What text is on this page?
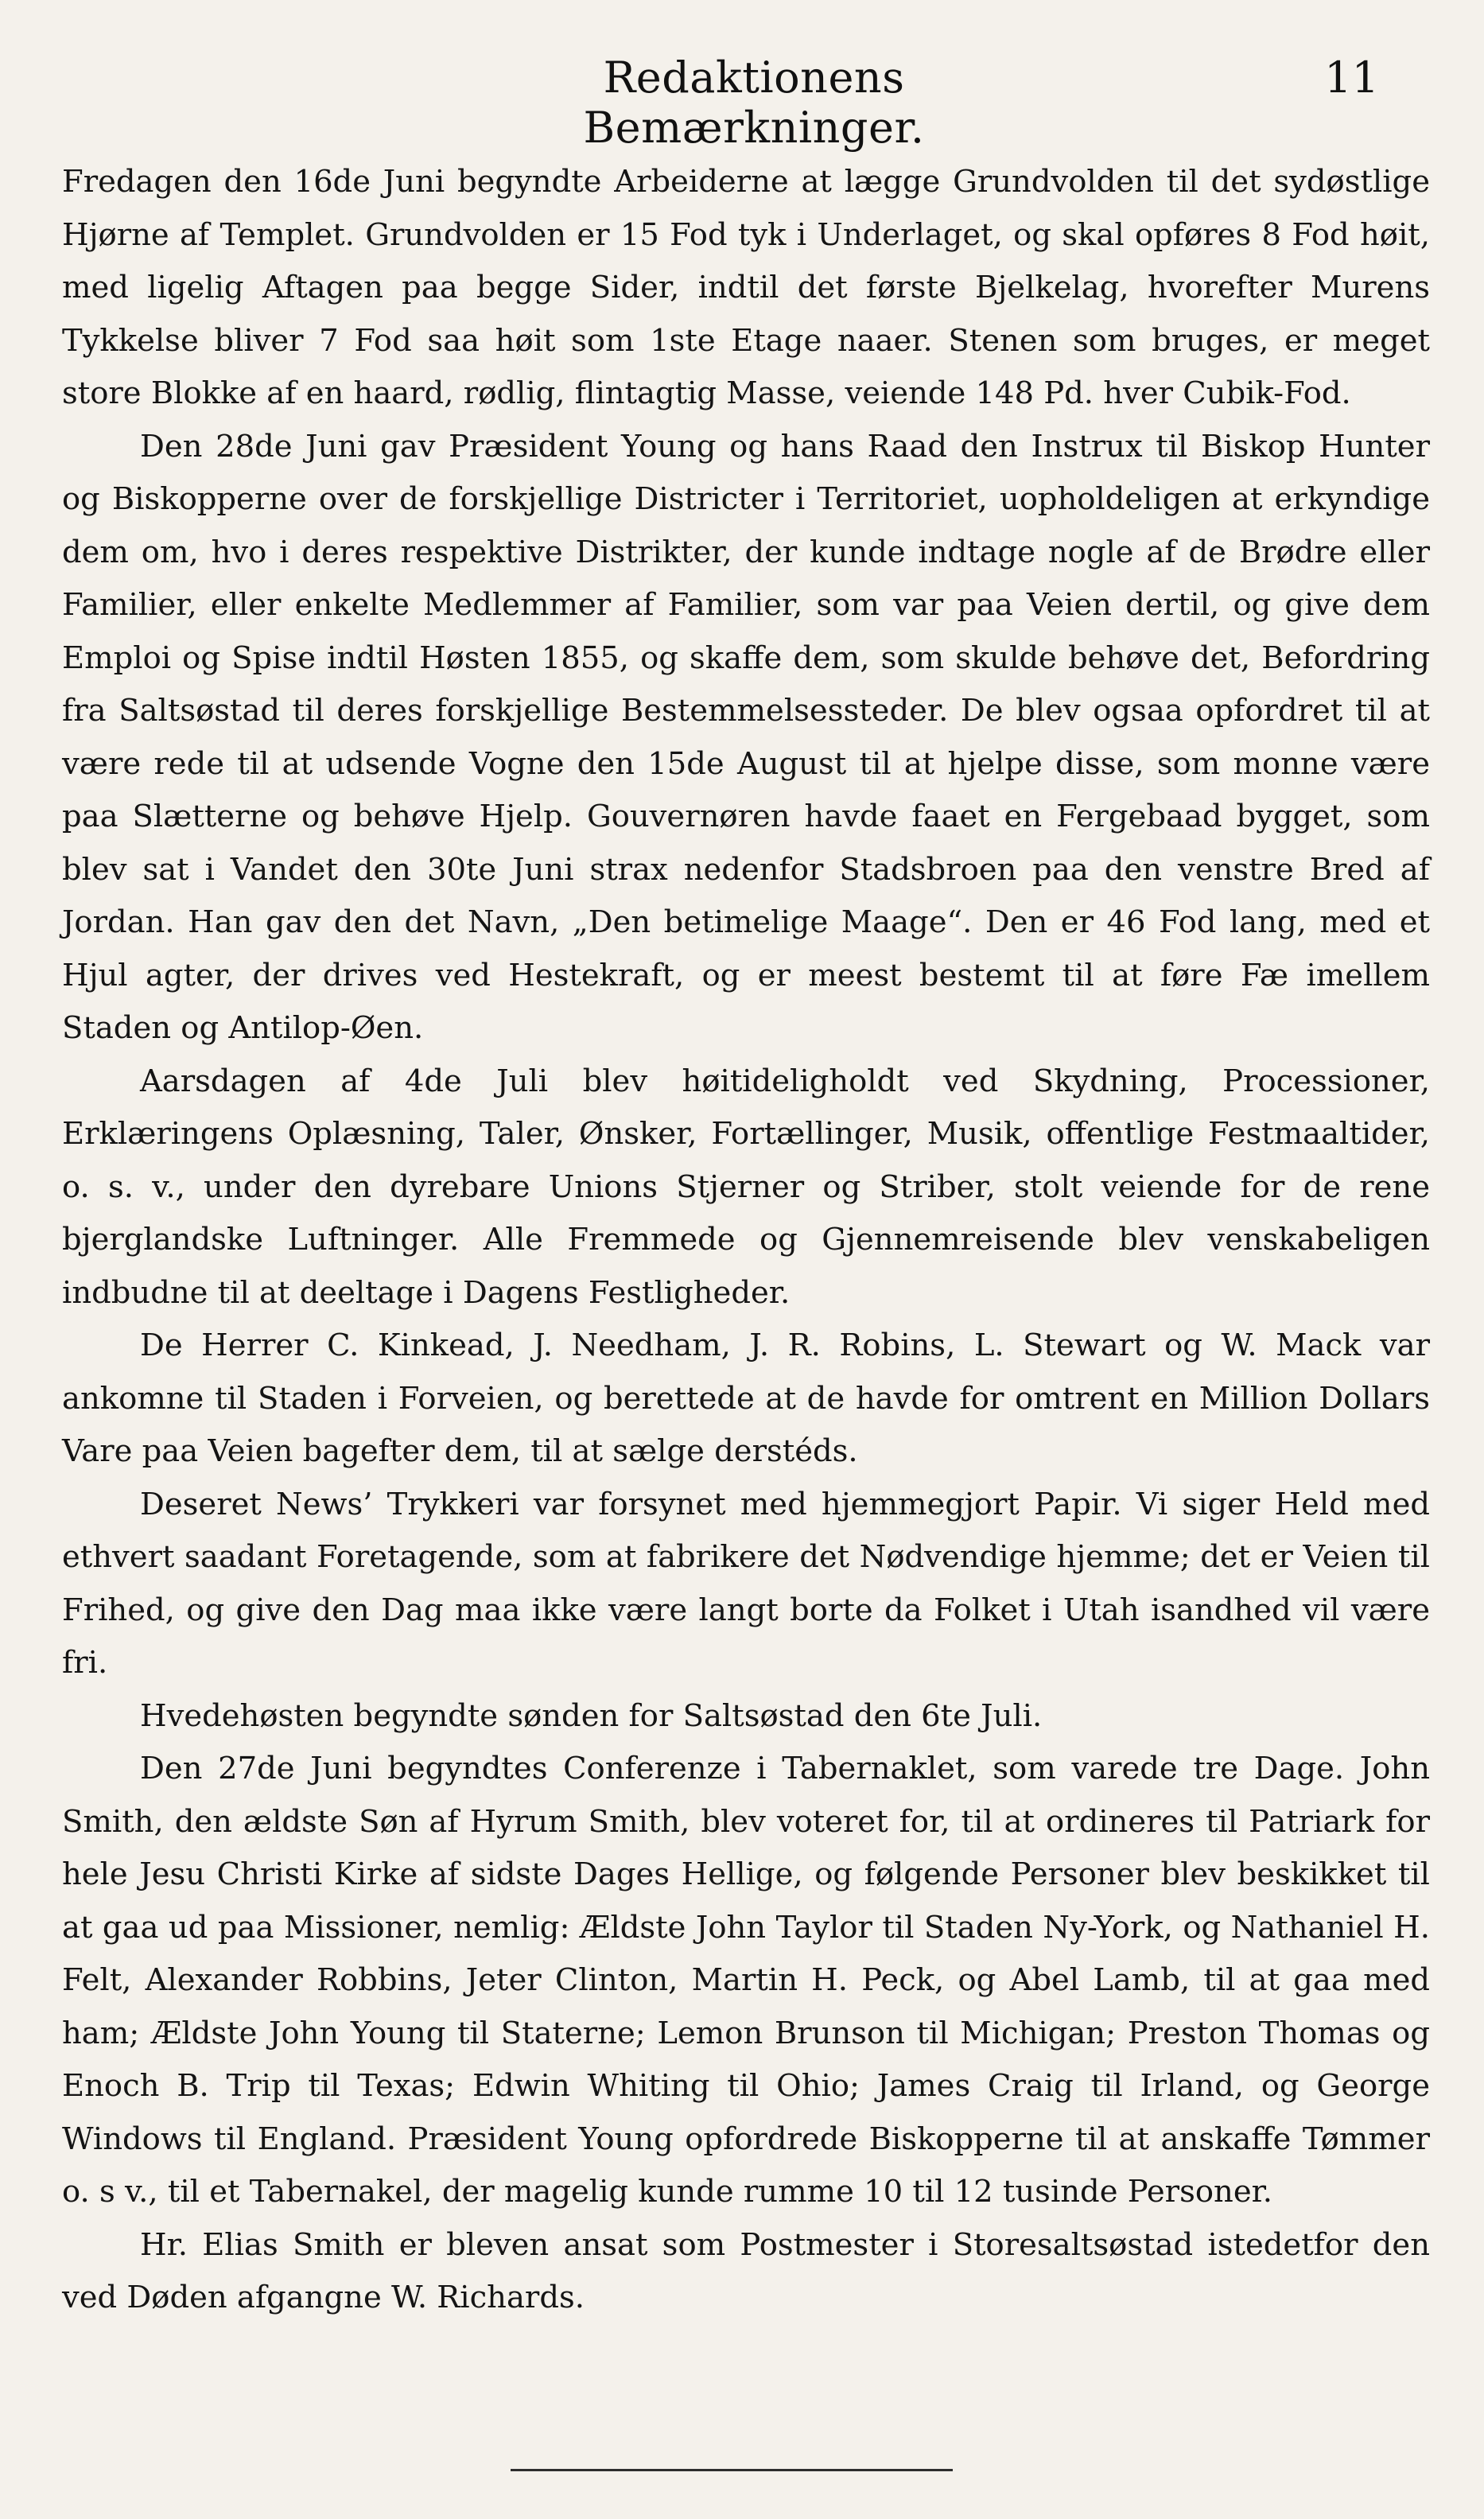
Redaktionens Bemærkninger.
11

Fredagen den 16de Juni begyndte Arbeiderne at lægge Grundvolden til det sydøstlige Hjørne af Templet. Grundvolden er 15 Fod tyk i Underlaget, og skal opføres 8 Fod høit, med ligelig Aftagen paa begge Sider, indtil det første Bjelkelag, hvorefter Murens Tykkelse bliver 7 Fod saa høit som 1ste Etage naaer. Stenen som bruges, er meget store Blokke af en haard, rødlig, flintagtig Masse, veiende 148 Pd. hver Cubik-Fod.

Den 28de Juni gav Præsident Young og hans Raad den Instrux til Biskop Hunter og Biskopperne over de forskjellige Districter i Territoriet, uopholdeligen at erkyndige dem om, hvo i deres respektive Distrikter, der kunde indtage nogle af de Brødre eller Familier, eller enkelte Medlemmer af Familier, som var paa Veien dertil, og give dem Emploi og Spise indtil Høsten 1855, og skaffe dem, som skulde behøve det, Befordring fra Saltsøstad til deres forskjellige Bestemmelsessteder. De blev ogsaa opfordret til at være rede til at udsende Vogne den 15de August til at hjelpe disse, som monne være paa Slætterne og behøve Hjelp. Gouvernøren havde faaet en Fergebaad bygget, som blev sat i Vandet den 30te Juni strax nedenfor Stadsbroen paa den venstre Bred af Jordan. Han gav den det Navn, „Den betimelige Maage“. Den er 46 Fod lang, med et Hjul agter, der drives ved Hestekraft, og er meest bestemt til at føre Fæ imellem Staden og Antilop-Øen.

Aarsdagen af 4de Juli blev høitideligholdt ved Skydning, Processioner, Erklæringens Oplæsning, Taler, Ønsker, Fortællinger, Musik, offentlige Festmaaltider, o. s. v., under den dyrebare Unions Stjerner og Striber, stolt veiende for de rene bjerglandske Luftninger. Alle Fremmede og Gjennemreisende blev venskabeligen indbudne til at deeltage i Dagens Festligheder.

De Herrer C. Kinkead, J. Needham, J. R. Robins, L. Stewart og W. Mack var ankomne til Staden i Forveien, og berettede at de havde for omtrent en Million Dollars Vare paa Veien bagefter dem, til at sælge derstéds.

Deseret News’ Trykkeri var forsynet med hjemmegjort Papir. Vi siger Held med ethvert saadant Foretagende, som at fabrikere det Nødvendige hjemme; det er Veien til Frihed, og give den Dag maa ikke være langt borte da Folket i Utah isandhed vil være fri.

Hvedehøsten begyndte sønden for Saltsøstad den 6te Juli.

Den 27de Juni begyndtes Conferenze i Tabernaklet, som varede tre Dage. John Smith, den ældste Søn af Hyrum Smith, blev voteret for, til at ordineres til Patriark for hele Jesu Christi Kirke af sidste Dages Hellige, og følgende Personer blev beskikket til at gaa ud paa Missioner, nemlig: Ældste John Taylor til Staden Ny-York, og Nathaniel H. Felt, Alexander Robbins, Jeter Clinton, Martin H. Peck, og Abel Lamb, til at gaa med ham; Ældste John Young til Staterne; Lemon Brunson til Michigan; Preston Thomas og Enoch B. Trip til Texas; Edwin Whiting til Ohio; James Craig til Irland, og George Windows til England. Præsident Young opfordrede Biskopperne til at anskaffe Tømmer o. s v., til et Tabernakel, der magelig kunde rumme 10 til 12 tusinde Personer.

Hr. Elias Smith er bleven ansat som Postmester i Storesaltsøstad istedetfor den ved Døden afgangne W. Richards.
